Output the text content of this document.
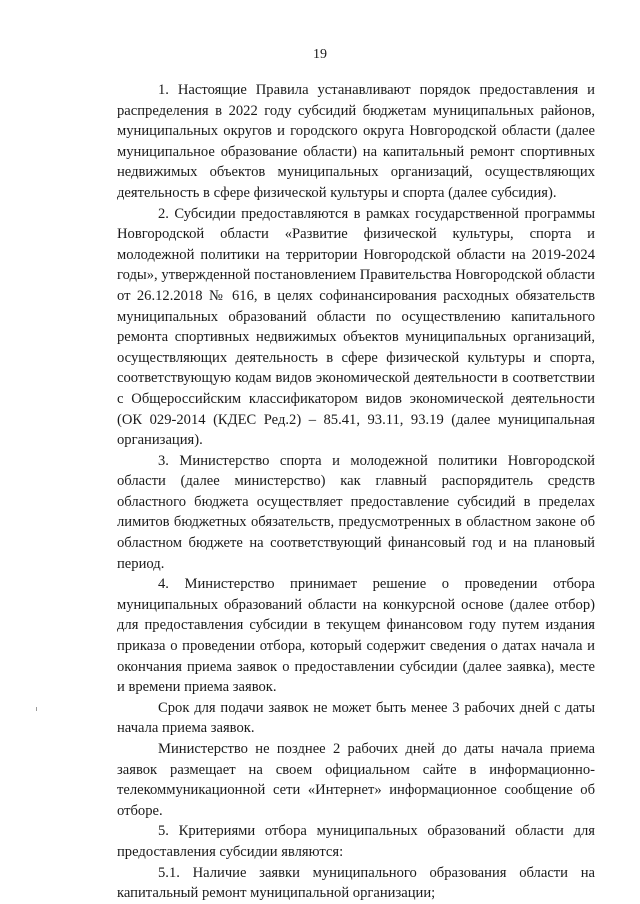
19

1. Настоящие Правила устанавливают порядок предоставления и распределения в 2022 году субсидий бюджетам муниципальных районов, муниципальных округов и городского округа Новгородской области (далее муниципальное образование области) на капитальный ремонт спортивных недвижимых объектов муниципальных организаций, осуществляющих деятельность в сфере физической культуры и спорта (далее субсидия).

2. Субсидии предоставляются в рамках государственной программы Новгородской области «Развитие физической культуры, спорта и молодежной политики на территории Новгородской области на 2019-2024 годы», утвержденной постановлением Правительства Новгородской области от 26.12.2018 № 616, в целях софинансирования расходных обязательств муниципальных образований области по осуществлению капитального ремонта спортивных недвижимых объектов муниципальных организаций, осуществляющих деятельность в сфере физической культуры и спорта, соответствующую кодам видов экономической деятельности в соответствии с Общероссийским классификатором видов экономической деятельности (ОК 029-2014 (КДЕС Ред.2) – 85.41, 93.11, 93.19 (далее муниципальная организация).

3. Министерство спорта и молодежной политики Новгородской области (далее министерство) как главный распорядитель средств областного бюджета осуществляет предоставление субсидий в пределах лимитов бюджетных обязательств, предусмотренных в областном законе об областном бюджете на соответствующий финансовый год и на плановый период.

4. Министерство принимает решение о проведении отбора муниципальных образований области на конкурсной основе (далее отбор) для предоставления субсидии в текущем финансовом году путем издания приказа о проведении отбора, который содержит сведения о датах начала и окончания приема заявок о предоставлении субсидии (далее заявка), месте и времени приема заявок.

Срок для подачи заявок не может быть менее 3 рабочих дней с даты начала приема заявок.

Министерство не позднее 2 рабочих дней до даты начала приема заявок размещает на своем официальном сайте в информационно-телекоммуникационной сети «Интернет» информационное сообщение об отборе.

5. Критериями отбора муниципальных образований области для предоставления субсидии являются:

5.1. Наличие заявки муниципального образования области на капитальный ремонт муниципальной организации;
